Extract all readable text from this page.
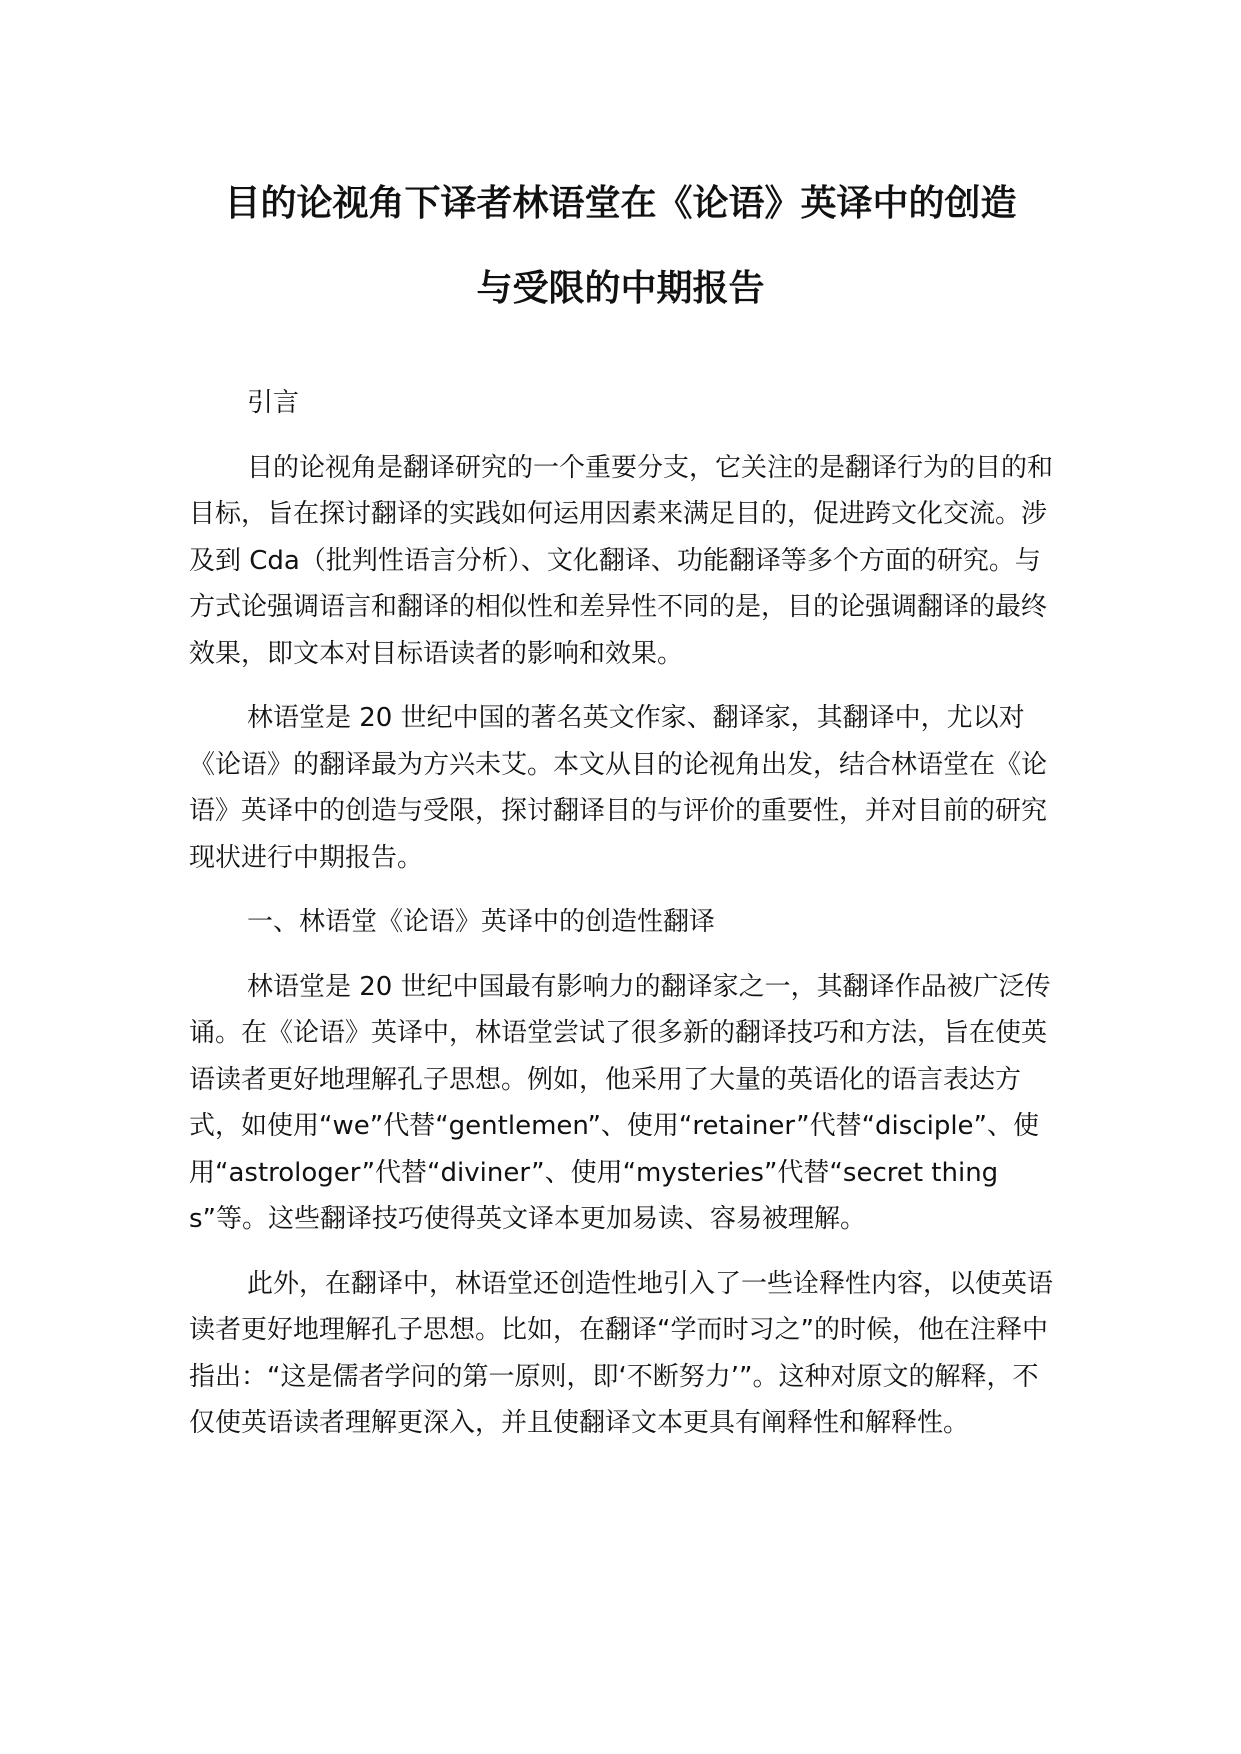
目的论视角下译者林语堂在《论语》英译中的创造
与受限的中期报告

引言

目的论视角是翻译研究的一个重要分支，它关注的是翻译行为的目的和目标，旨在探讨翻译的实践如何运用因素来满足目的，促进跨文化交流。涉及到 Cda（批判性语言分析）、文化翻译、功能翻译等多个方面的研究。与方式论强调语言和翻译的相似性和差异性不同的是，目的论强调翻译的最终效果，即文本对目标语读者的影响和效果。

林语堂是 20 世纪中国的著名英文作家、翻译家，其翻译中，尤以对《论语》的翻译最为方兴未艾。本文从目的论视角出发，结合林语堂在《论语》英译中的创造与受限，探讨翻译目的与评价的重要性，并对目前的研究现状进行中期报告。

一、林语堂《论语》英译中的创造性翻译

林语堂是 20 世纪中国最有影响力的翻译家之一，其翻译作品被广泛传诵。在《论语》英译中，林语堂尝试了很多新的翻译技巧和方法，旨在使英语读者更好地理解孔子思想。例如，他采用了大量的英语化的语言表达方式，如使用“we”代替“gentlemen”、使用“retainer”代替“disciple”、使用“astrologer”代替“diviner”、使用“mysteries”代替“secret things”等。这些翻译技巧使得英文译本更加易读、容易被理解。

此外，在翻译中，林语堂还创造性地引入了一些诠释性内容，以使英语读者更好地理解孔子思想。比如，在翻译“学而时习之”的时候，他在注释中指出：“这是儒者学问的第一原则，即‘不断努力’”。这种对原文的解释，不仅使英语读者理解更深入，并且使翻译文本更具有阐释性和解释性。
